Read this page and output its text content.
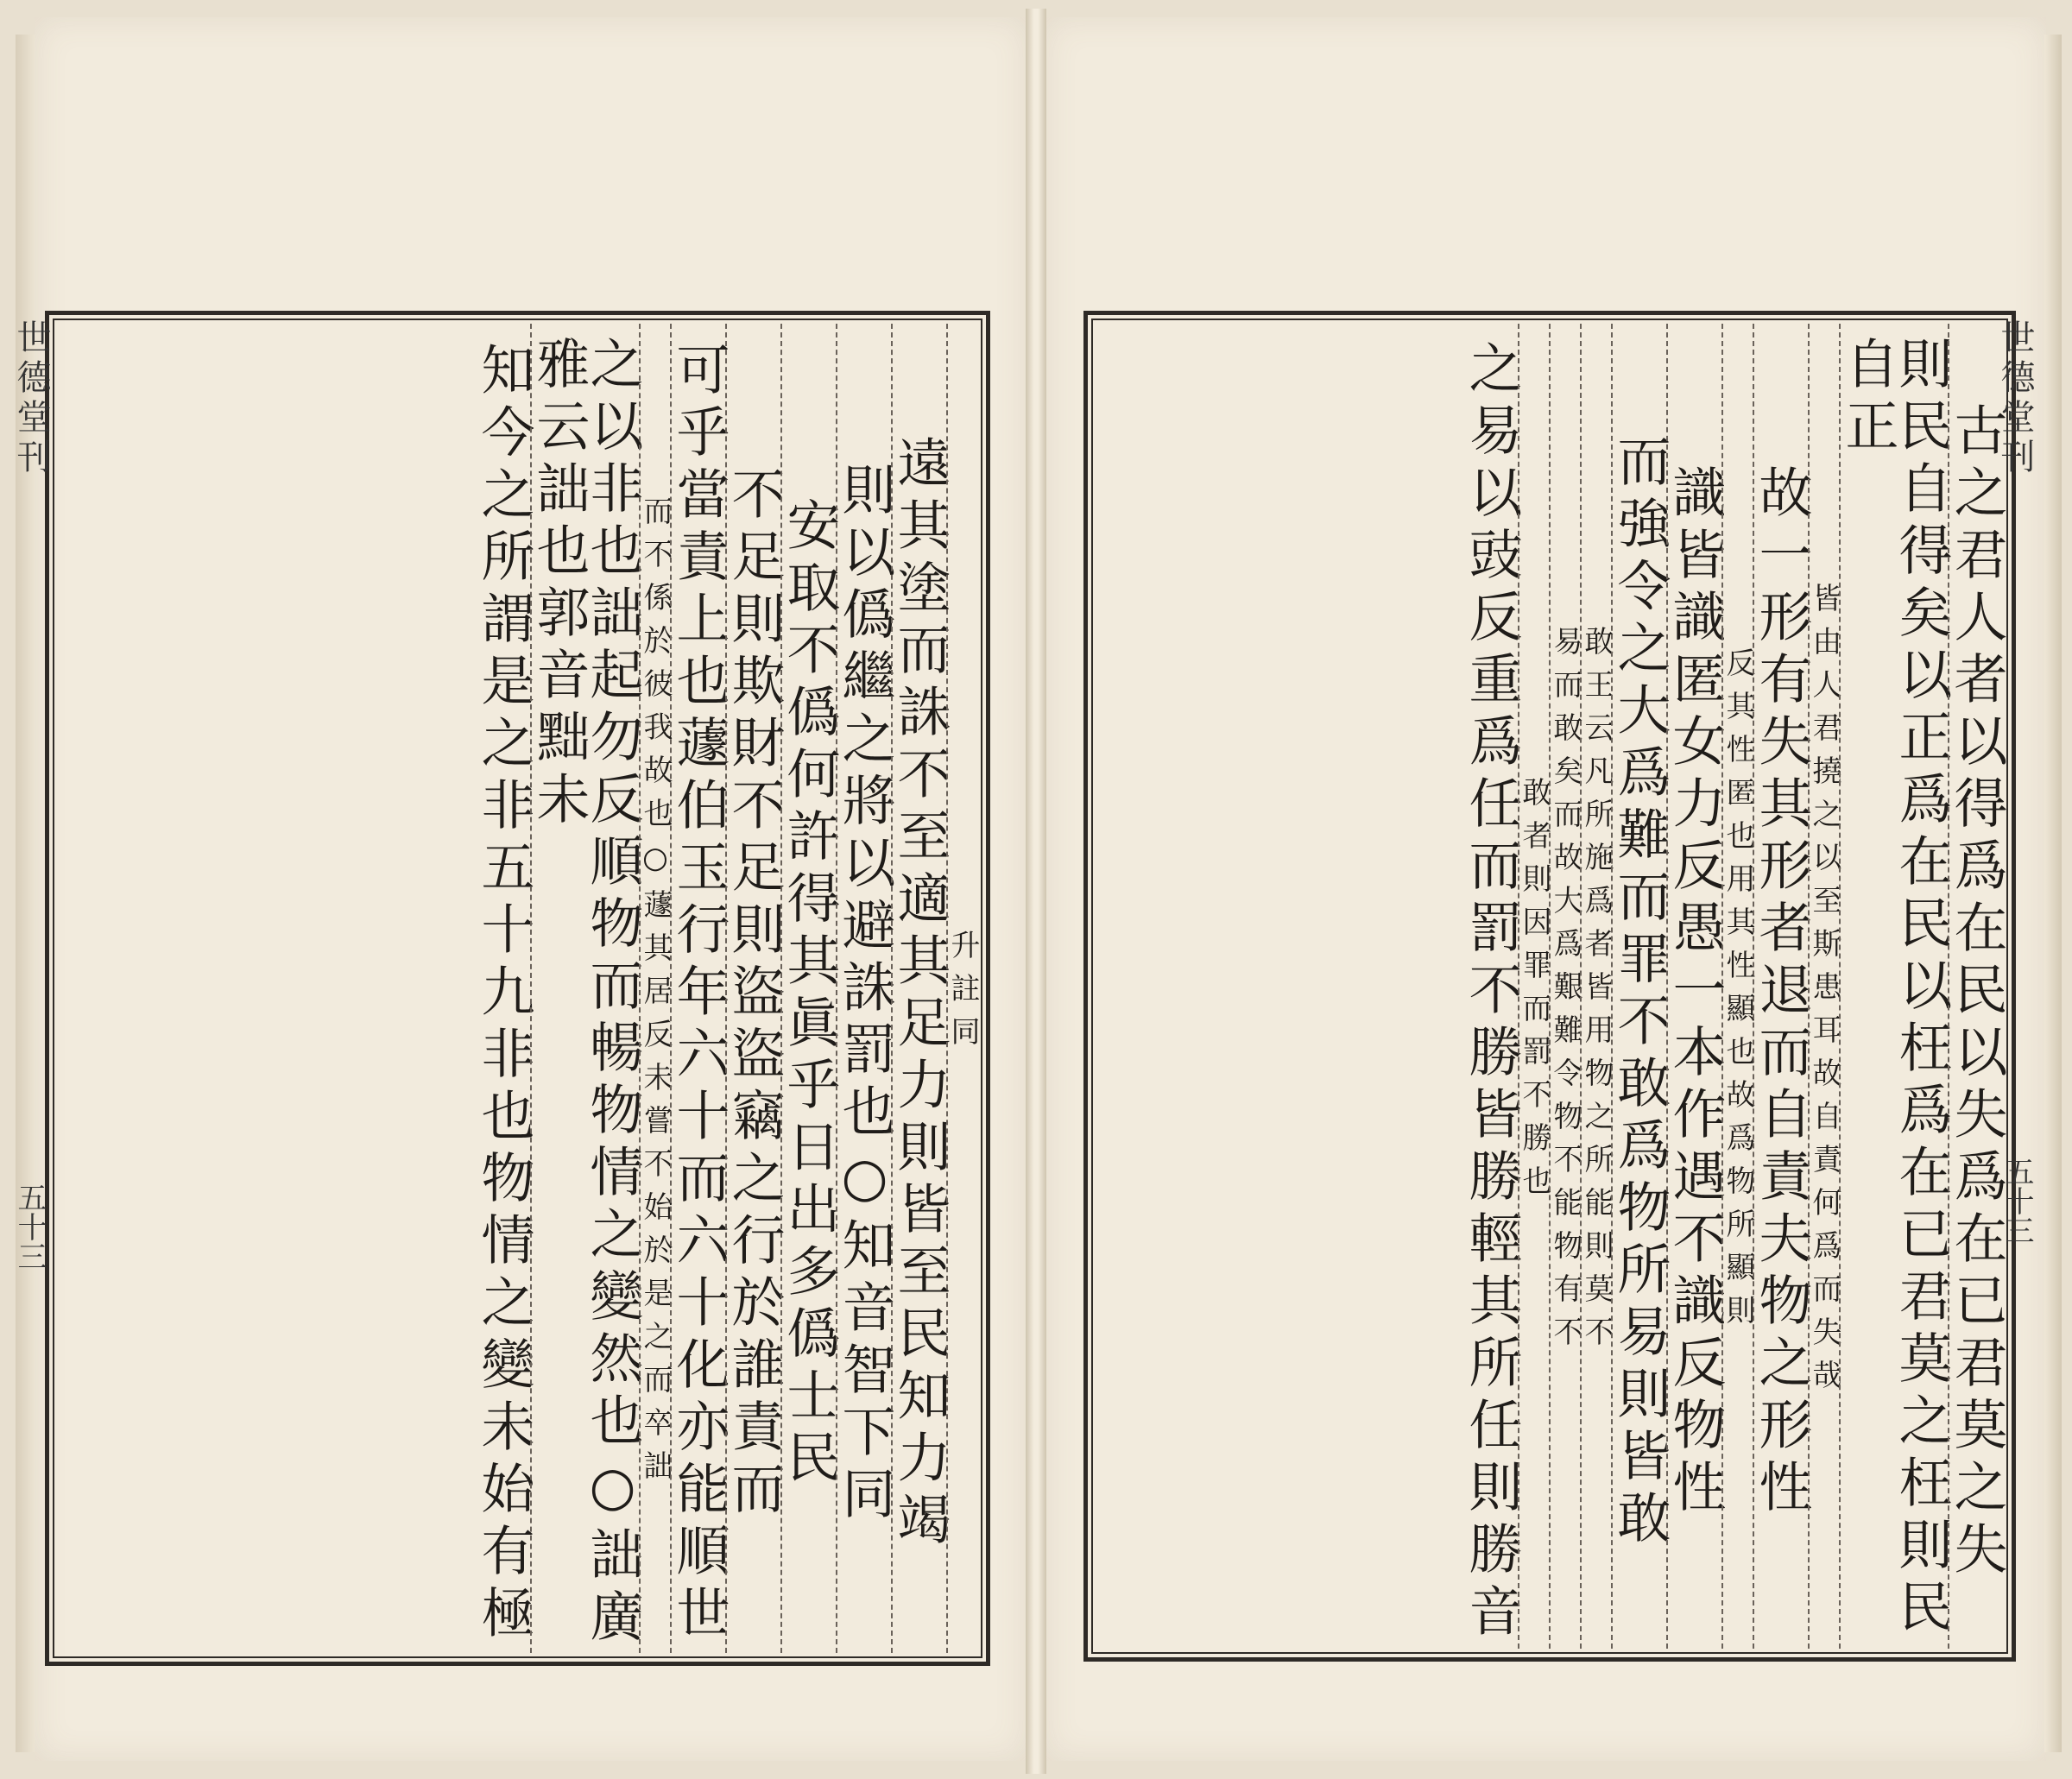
升註同
遠其塗而誅不至適其足力則皆至民知力竭
則以僞繼之將以避誅罰也○知音智下同
安取不僞何許得其眞乎日出多僞士民
不足則欺財不足則盜盜竊之行於誰責而
可乎當責上也蘧伯玉行年六十而六十化亦能順世
而不係於彼我故也○蘧其居反未嘗不始於是之而卒詘
之以非也詘起勿反順物而暢物情之變然也○詘廣雅云詘也郭音黜未
知今之所謂是之非五十九非也物情之變未始有極	古之君人者以得爲在民以失爲在已君莫之失
則民自得矣以正爲在民以枉爲在已君莫之枉則民自正
皆由人君撓之以至斯患耳故自責何爲而失哉
故一形有失其形者退而自責夫物之形性
反其性匿也用其性顯也故爲物所顯則
識皆識匿女力反愚一本作遇不識反物性
而強令之大爲難而罪不敢爲物所易則皆敢
敢王云凡所施爲者皆用物之所能則莫不
易而敢矣而故大爲艱難令物不能物有不
敢者則因罪而罰不勝也
之易以豉反重爲任而罰不勝皆勝輕其所任則勝音
世德堂刊
五十三
世德堂刊
五十三
